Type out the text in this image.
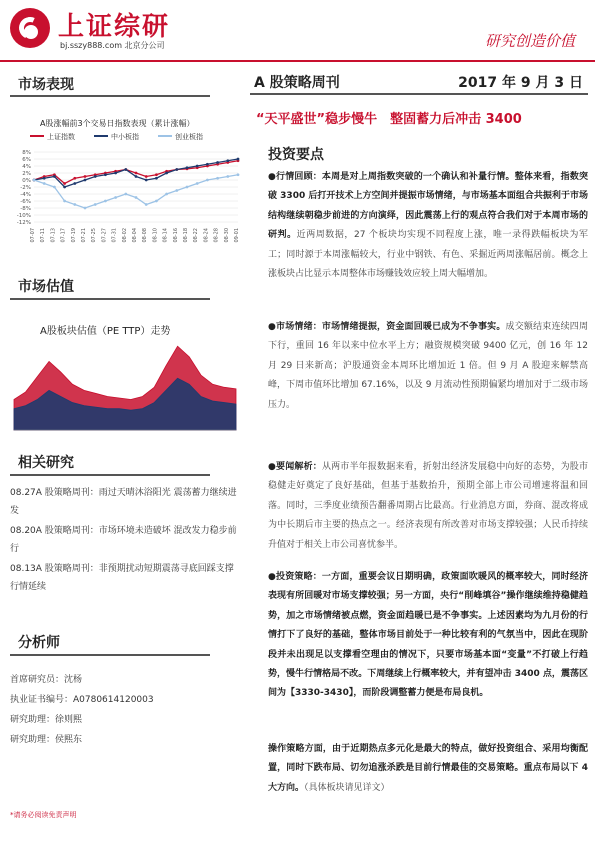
上证综研
bj.sszy888.com 北京分公司	研究创造价值
市场表现
A股涨幅前3个交易日指数表现（累计涨幅）
上证指数	中小板指	创业板指
8%
6%
4%
2%
0%
-2%
-4%
-6%
-8%
-10%
-12%
07-07 07-11 07-13 07-17 07-19 07-21 07-25 07-27 07-31 08-02 08-04 08-08 08-10 08-14 08-16 08-18 08-22 08-24 08-28 08-30 09-01
市场估值
A股板块估值（PE TTP）走势
相关研究
08.27A 股策略周刊：雨过天晴沐浴阳光 震荡蓄力继续进发
08.20A 股策略周刊：市场环境未造破坏 混改发力稳步前行
08.13A 股策略周刊：非预期扰动短期震荡寻底回踩支撑行情延续
分析师
首席研究员：沈杨
执业证书编号：A0780614120003
研究助理：徐则熙
研究助理：侯熙东
*请务必阅读免责声明
A 股策略周刊	2017 年 9 月 3 日
“天平盛世”稳步慢牛　整固蓄力后冲击 3400
投资要点
●行情回顾：本周是对上周指数突破的一个确认和补量行情。整体来看，指数突破 3300 后打开技术上方空间并提振市场情绪，与市场基本面组合共振利于市场结构继续朝稳步前进的方向演绎，因此震荡上行的观点符合我们对于本周市场的研判。近两周数据，27 个板块均实现不同程度上涨，唯一录得跌幅板块为军工；同时源于本周涨幅较大，行业中钢铁、有色、采掘近两周涨幅居前。概念上涨板块占比显示本周整体市场赚钱效应较上周大幅增加。
●市场情绪：市场情绪提振，资金面回暖已成为不争事实。成交额结束连续四周下行，重回 16 年以来中位水平上方；融资规模突破 9400 亿元，创 16 年 12 月 29 日来新高；沪股通资金本周环比增加近 1 倍。但 9 月 A 股迎来解禁高峰，下周市值环比增加 67.16%，以及 9 月流动性预期偏紧均增加对于二级市场压力。
●要闻解析：从两市半年报数据来看，折射出经济发展稳中向好的态势，为股市稳健走好奠定了良好基础，但基于基数抬升，预期全部上市公司增速将温和回落。同时，三季度业绩预告翻番周期占比最高。行业消息方面，券商、混改将成为中长期后市主要的热点之一。经济表现有所改善对市场支撑较强；人民币持续升值对于相关上市公司喜忧参半。
●投资策略：一方面，重要会议日期明确，政策面吹暖风的概率较大，同时经济表现有所回暖对市场支撑较强；另一方面，央行“削峰填谷”操作继续维持稳健趋势，加之市场情绪被点燃，资金面趋暖已是不争事实。上述因素均为九月份的行情打下了良好的基础，整体市场目前处于一种比较有利的气氛当中，因此在现阶段并未出现足以支撑看空理由的情况下，只要市场基本面“变量”不打破上行趋势，慢牛行情格局不改。下周继续上行概率较大，并有望冲击 3400 点，震荡区间为【3330-3430】，而阶段调整蓄力便是布局良机。
操作策略方面，由于近期热点多元化是最大的特点，做好投资组合、采用均衡配置，同时下跌布局、切勿追涨杀跌是目前行情最佳的交易策略。重点布局以下 4 大方向。（具体板块请见详文）
